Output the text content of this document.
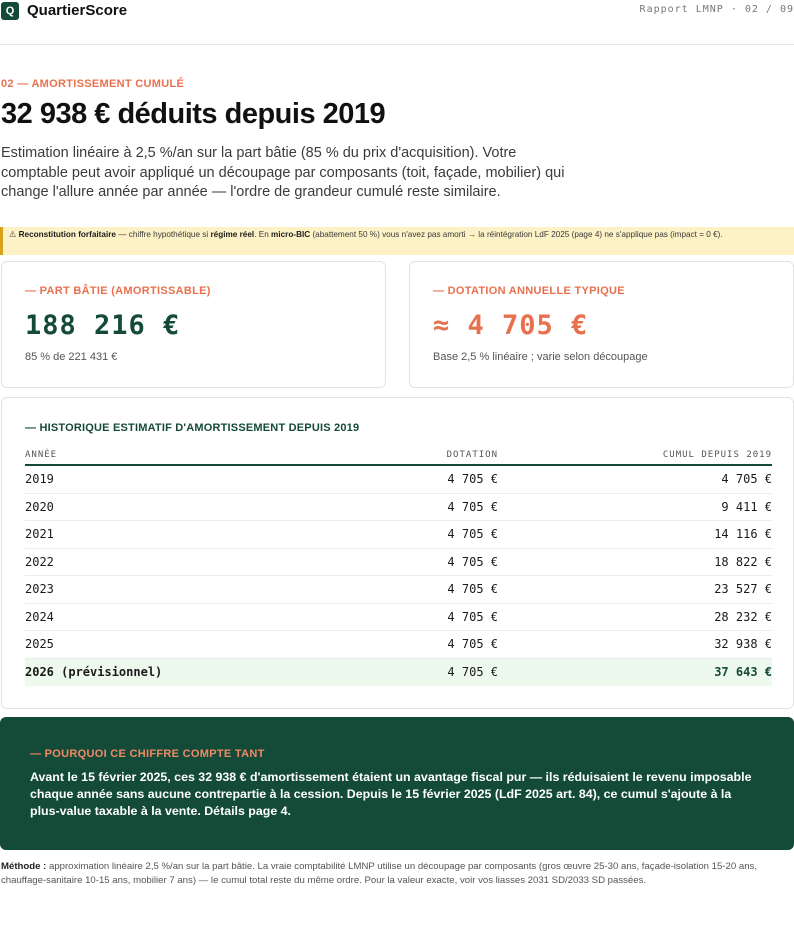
Q QuartierScore	Rapport LMNP · 02 / 09
02 — AMORTISSEMENT CUMULÉ
32 938 € déduits depuis 2019

Estimation linéaire à 2,5 %/an sur la part bâtie (85 % du prix d'acquisition). Votre comptable peut avoir appliqué un découpage par composants (toit, façade, mobilier) qui change l'allure année par année — l'ordre de grandeur cumulé reste similaire.

⚠ Reconstitution forfaitaire — chiffre hypothétique si régime réel. En micro-BIC (abattement 50 %) vous n'avez pas amorti → la réintégration LdF 2025 (page 4) ne s'applique pas (impact = 0 €).
— PART BÂTIE (AMORTISSABLE)
188 216 €
85 % de 221 431 €
— DOTATION ANNUELLE TYPIQUE
≈ 4 705 €
Base 2,5 % linéaire ; varie selon découpage
— HISTORIQUE ESTIMATIF D'AMORTISSEMENT DEPUIS 2019
ANNÉE	DOTATION	CUMUL DEPUIS 2019
2019	4 705 €	4 705 €
2020	4 705 €	9 411 €
2021	4 705 €	14 116 €
2022	4 705 €	18 822 €
2023	4 705 €	23 527 €
2024	4 705 €	28 232 €
2025	4 705 €	32 938 €
2026 (prévisionnel)	4 705 €	37 643 €
— POURQUOI CE CHIFFRE COMPTE TANT
Avant le 15 février 2025, ces 32 938 € d'amortissement étaient un avantage fiscal pur — ils réduisaient le revenu imposable chaque année sans aucune contrepartie à la cession. Depuis le 15 février 2025 (LdF 2025 art. 84), ce cumul s'ajoute à la plus-value taxable à la vente. Détails page 4.

Méthode : approximation linéaire 2,5 %/an sur la part bâtie. La vraie comptabilité LMNP utilise un découpage par composants (gros œuvre 25-30 ans, façade-isolation 15-20 ans, chauffage-sanitaire 10-15 ans, mobilier 7 ans) — le cumul total reste du même ordre. Pour la valeur exacte, voir vos liasses 2031 SD/2033 SD passées.
